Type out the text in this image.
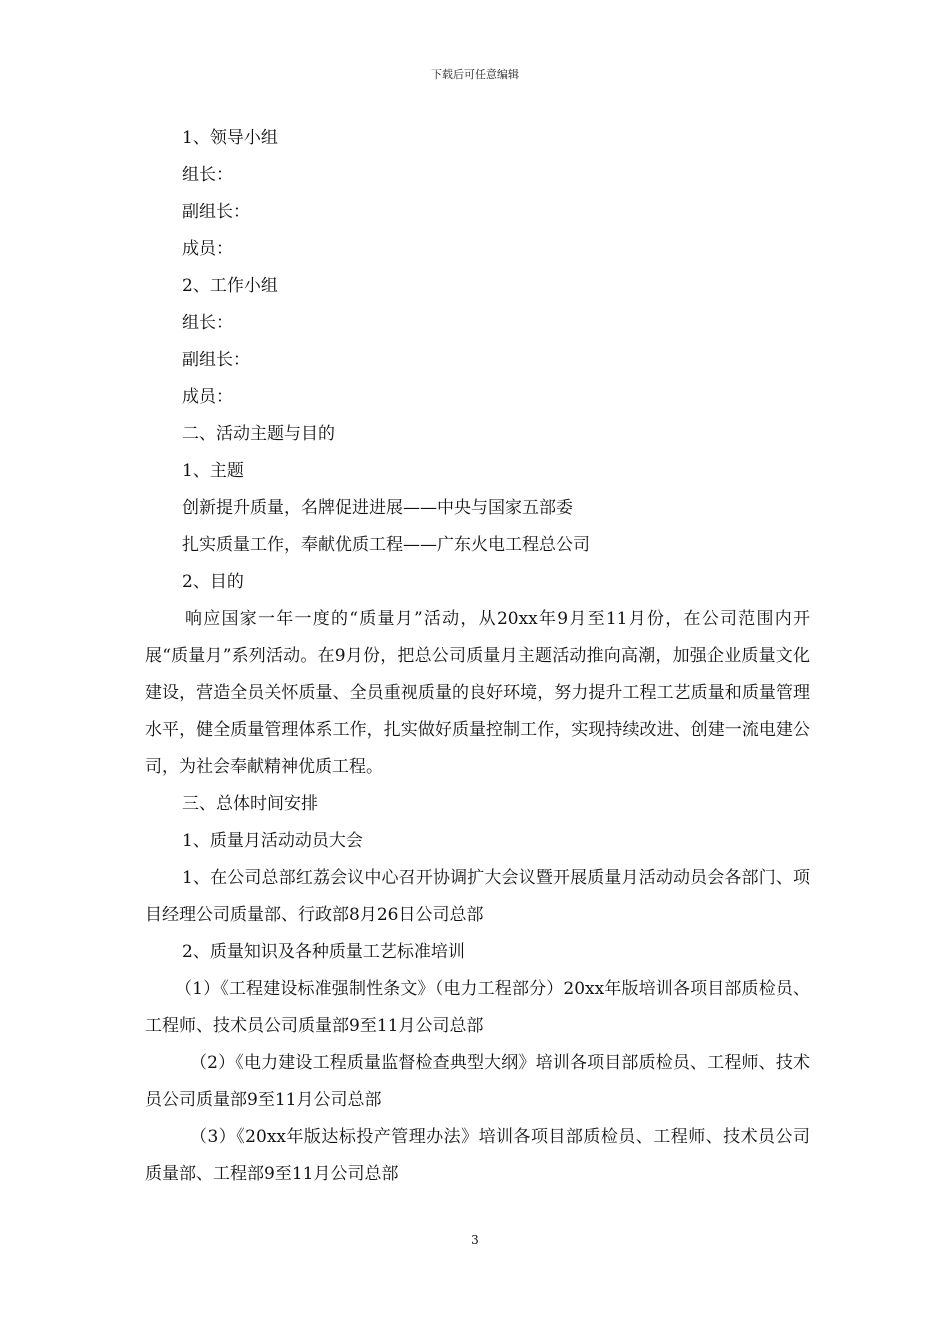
下载后可任意编辑

1、领导小组

组长：

副组长：

成员：

2、工作小组

组长：

副组长：

成员：

二、活动主题与目的

1、主题

创新提升质量，名牌促进进展——中央与国家五部委

扎实质量工作，奉献优质工程——广东火电工程总公司

2、目的

响应国家一年一度的“质量月”活动，从20xx年9月至11月份，在公司范围内开展“质量月”系列活动。在9月份，把总公司质量月主题活动推向高潮，加强企业质量文化建设，营造全员关怀质量、全员重视质量的良好环境，努力提升工程工艺质量和质量管理水平，健全质量管理体系工作，扎实做好质量控制工作，实现持续改进、创建一流电建公司，为社会奉献精神优质工程。

三、总体时间安排

1、质量月活动动员大会

1、在公司总部红荔会议中心召开协调扩大会议暨开展质量月活动动员会各部门、项目经理公司质量部、行政部8月26日公司总部

2、质量知识及各种质量工艺标准培训

（1）《工程建设标准强制性条文》（电力工程部分）20xx年版培训各项目部质检员、工程师、技术员公司质量部9至11月公司总部

（2）《电力建设工程质量监督检查典型大纲》培训各项目部质检员、工程师、技术员公司质量部9至11月公司总部

（3）《20xx年版达标投产管理办法》培训各项目部质检员、工程师、技术员公司质量部、工程部9至11月公司总部

3
